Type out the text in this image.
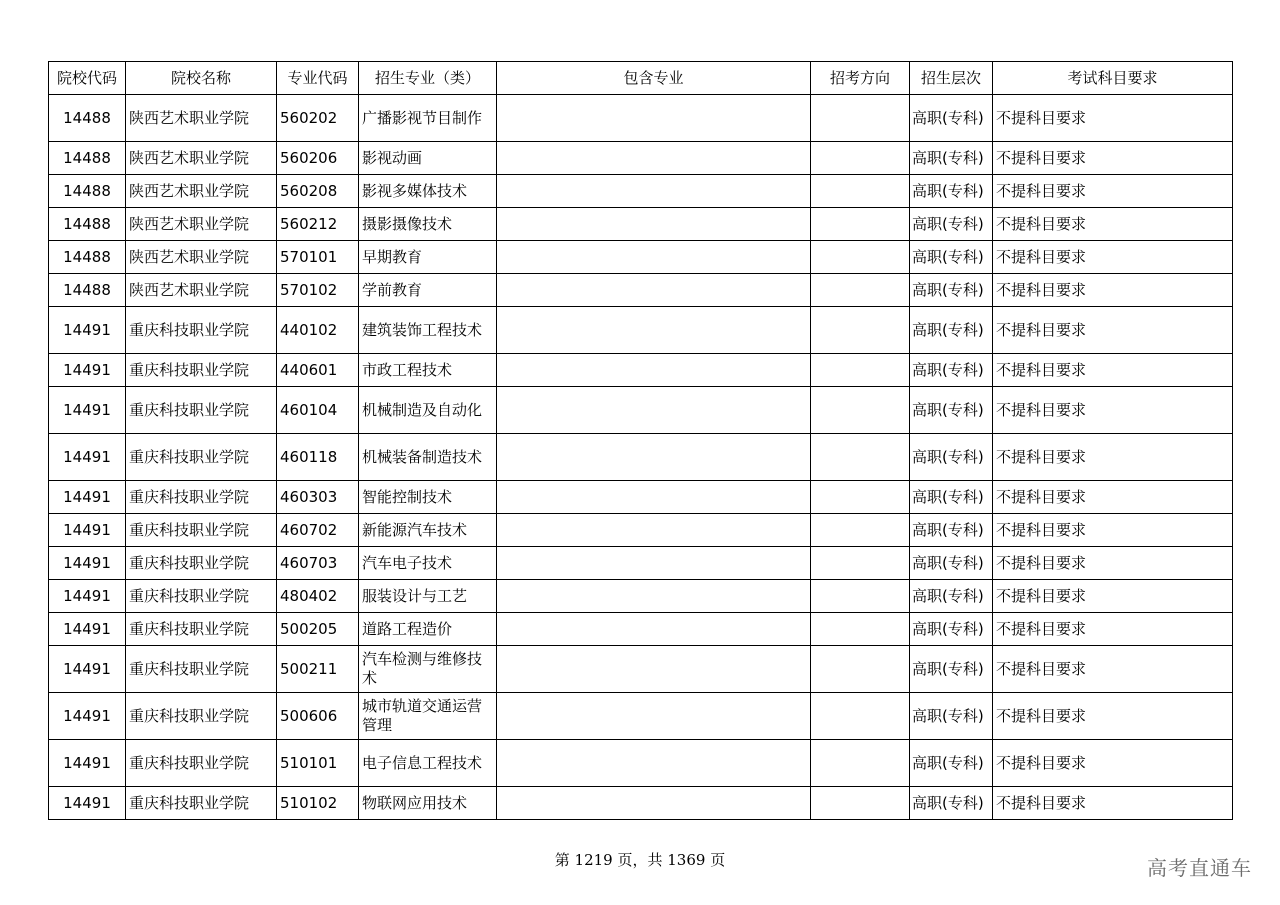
院校代码	院校名称	专业代码	招生专业（类）	包含专业	招考方向	招生层次	考试科目要求
14488	陕西艺术职业学院	560202	广播影视节目制作			高职(专科)	不提科目要求
14488	陕西艺术职业学院	560206	影视动画			高职(专科)	不提科目要求
14488	陕西艺术职业学院	560208	影视多媒体技术			高职(专科)	不提科目要求
14488	陕西艺术职业学院	560212	摄影摄像技术			高职(专科)	不提科目要求
14488	陕西艺术职业学院	570101	早期教育			高职(专科)	不提科目要求
14488	陕西艺术职业学院	570102	学前教育			高职(专科)	不提科目要求
14491	重庆科技职业学院	440102	建筑装饰工程技术			高职(专科)	不提科目要求
14491	重庆科技职业学院	440601	市政工程技术			高职(专科)	不提科目要求
14491	重庆科技职业学院	460104	机械制造及自动化			高职(专科)	不提科目要求
14491	重庆科技职业学院	460118	机械装备制造技术			高职(专科)	不提科目要求
14491	重庆科技职业学院	460303	智能控制技术			高职(专科)	不提科目要求
14491	重庆科技职业学院	460702	新能源汽车技术			高职(专科)	不提科目要求
14491	重庆科技职业学院	460703	汽车电子技术			高职(专科)	不提科目要求
14491	重庆科技职业学院	480402	服装设计与工艺			高职(专科)	不提科目要求
14491	重庆科技职业学院	500205	道路工程造价			高职(专科)	不提科目要求
14491	重庆科技职业学院	500211	汽车检测与维修技术			高职(专科)	不提科目要求
14491	重庆科技职业学院	500606	城市轨道交通运营管理			高职(专科)	不提科目要求
14491	重庆科技职业学院	510101	电子信息工程技术			高职(专科)	不提科目要求
14491	重庆科技职业学院	510102	物联网应用技术			高职(专科)	不提科目要求
第 1219 页，共 1369 页	高考直通车
